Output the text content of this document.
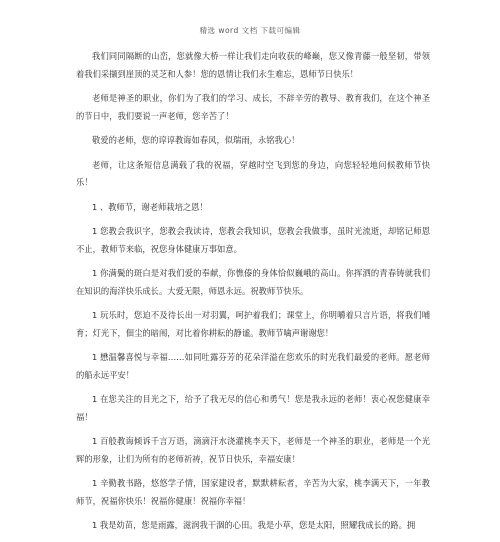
精选 word 文档 下载可编辑

我们同同隔断的山峦，您就像大桥一样让我们走向收获的峰巅，您又像青藤一般坚韧，带领着我们采撷到崖顶的灵芝和人参！您的恩情让我们永生难忘，恩师节日快乐！

老师是神圣的职业，你们为了我们的学习、成长，不辞辛劳的教导、教育我们，在这个神圣的节日中，我们要说一声老师，您辛苦了！

敬爱的老师，您的谆谆教诲如春风，似瑞雨，永铭我心！

老师，让这条短信息满载了我的祝福，穿越时空飞到您的身边，向您轻轻地问候教师节快乐！

1 、教师节，谢老师栽培之恩！

1 您教会我识字，您教会我读诗，您教会我知识，您教会我做事，虽时光流逝，却铭记师恩不止，教师节来临，祝您身体健康万事如意。

1 你满鬓的斑白是对我们爱的奉献，你憔傣的身体恰似巍峨的高山。你挥洒的青春铸就我们在知识的海洋快乐成长。大爱无限，师恩永远。祝教师节快乐。

1 玩乐时，您迫不及待长出一对羽翼，呵护着我们；课堂上，你明嚼着只言片语，将我们哺育；灯光下，佃尘的暗闱，对比着你耕耘的静谧。教师节噙声谢谢您！

1 懋温馨喜悦与幸福……如同吐露芬芳的花朵洋溢在您欢乐的时光我们最爱的老师。愿老师的船永远平安！

1 在您关注的目光之下，给予了我无尽的信心和勇气！您是我永远的老师！衷心祝您健康幸福！

1 百般教诲倾诉千言万语，滴滴汗水浇灌桃李天下，老师是一个神圣的职业，老师是一个光辉的形象，让们为所有的老师祈祷，祝节日快乐，幸福安康！

1 辛勤教书路，悠悠学子情，国家建设者，默默耕耘者，辛苦为大家，桃李满天下，一年教师节，祝福你快乐！祝福你健康！祝福你幸福！

1 我是幼苗，您是雨露，滋润我干涸的心田。我是小草，您是太阳，照耀我成长的路。拥
